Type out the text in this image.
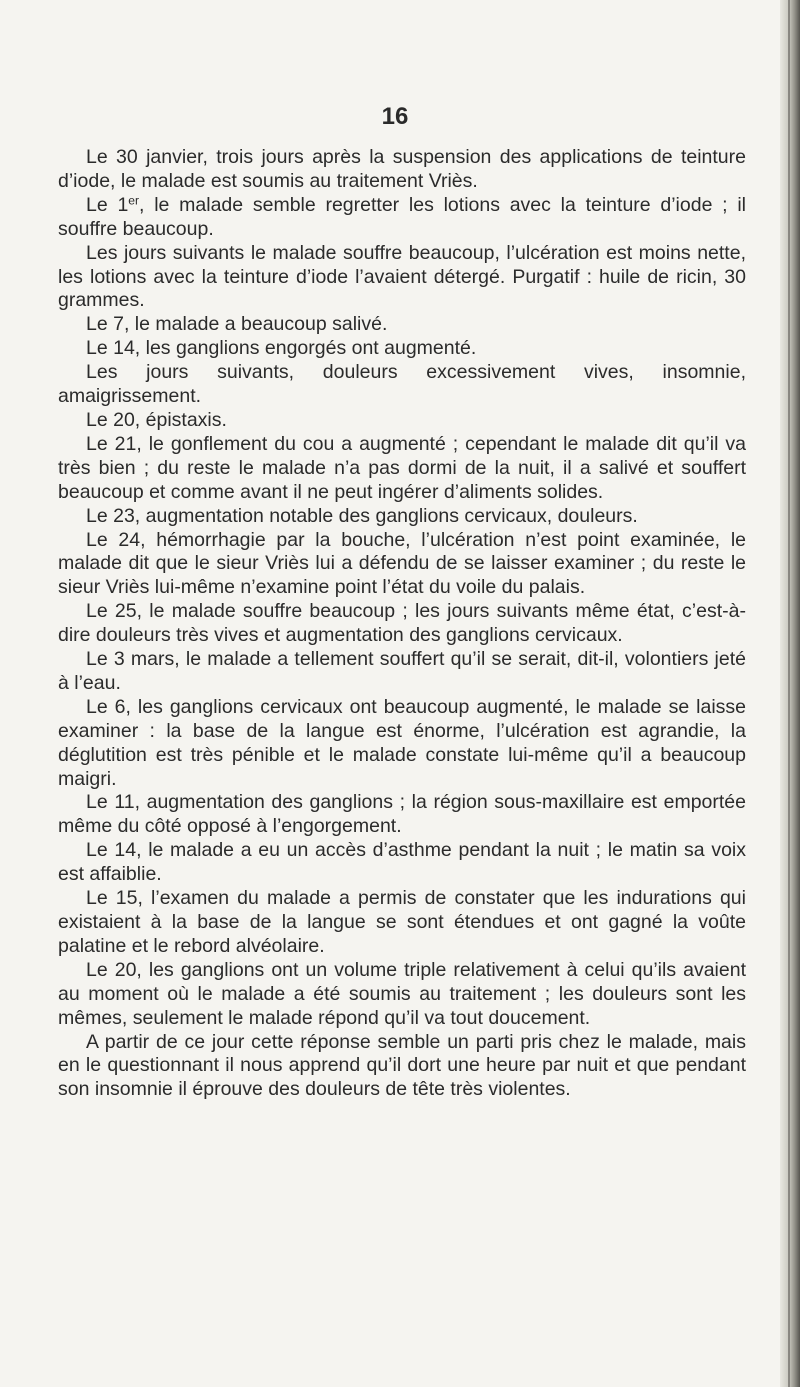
16

Le 30 janvier, trois jours après la suspension des applications de teinture d’iode, le malade est soumis au traitement Vriès.

Le 1er, le malade semble regretter les lotions avec la teinture d’iode ; il souffre beaucoup.

Les jours suivants le malade souffre beaucoup, l’ulcération est moins nette, les lotions avec la teinture d’iode l’avaient détergé. Purgatif : huile de ricin, 30 grammes.

Le 7, le malade a beaucoup salivé.

Le 14, les ganglions engorgés ont augmenté.

Les jours suivants, douleurs excessivement vives, insomnie, amaigrissement.

Le 20, épistaxis.

Le 21, le gonflement du cou a augmenté ; cependant le malade dit qu’il va très bien ; du reste le malade n’a pas dormi de la nuit, il a salivé et souffert beaucoup et comme avant il ne peut ingérer d’aliments solides.

Le 23, augmentation notable des ganglions cervicaux, douleurs.

Le 24, hémorrhagie par la bouche, l’ulcération n’est point examinée, le malade dit que le sieur Vriès lui a défendu de se laisser examiner ; du reste le sieur Vriès lui-même n’examine point l’état du voile du palais.

Le 25, le malade souffre beaucoup ; les jours suivants même état, c’est-à-dire douleurs très vives et augmentation des ganglions cervicaux.

Le 3 mars, le malade a tellement souffert qu’il se serait, dit-il, volontiers jeté à l’eau.

Le 6, les ganglions cervicaux ont beaucoup augmenté, le malade se laisse examiner : la base de la langue est énorme, l’ulcération est agrandie, la déglutition est très pénible et le malade constate lui-même qu’il a beaucoup maigri.

Le 11, augmentation des ganglions ; la région sous-maxillaire est emportée même du côté opposé à l’engorgement.

Le 14, le malade a eu un accès d’asthme pendant la nuit ; le matin sa voix est affaiblie.

Le 15, l’examen du malade a permis de constater que les indurations qui existaient à la base de la langue se sont étendues et ont gagné la voûte palatine et le rebord alvéolaire.

Le 20, les ganglions ont un volume triple relativement à celui qu’ils avaient au moment où le malade a été soumis au traitement ; les douleurs sont les mêmes, seulement le malade répond qu’il va tout doucement.

A partir de ce jour cette réponse semble un parti pris chez le malade, mais en le questionnant il nous apprend qu’il dort une heure par nuit et que pendant son insomnie il éprouve des douleurs de tête très violentes.
